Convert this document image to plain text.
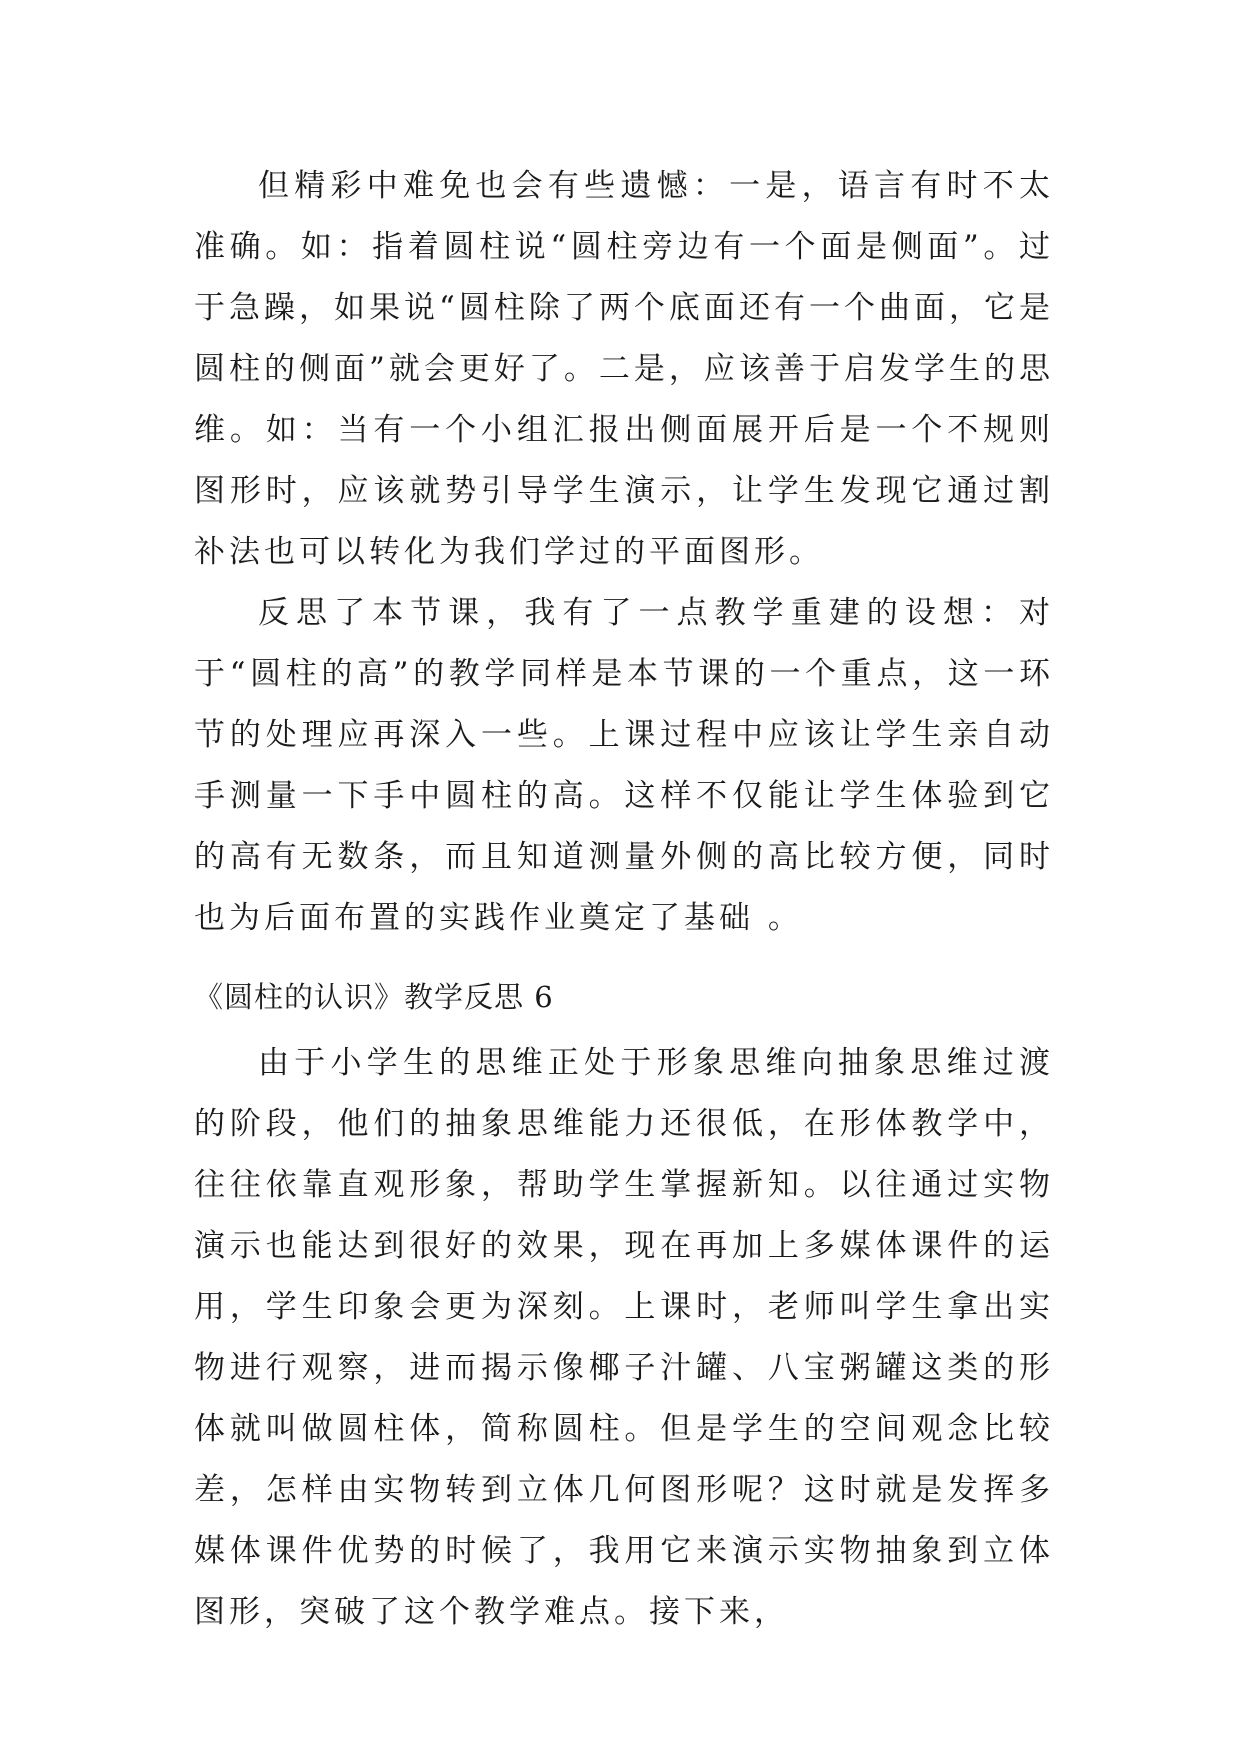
但精彩中难免也会有些遗憾：一是，语言有时不太准确。如：指着圆柱说“圆柱旁边有一个面是侧面”。过于急躁，如果说“圆柱除了两个底面还有一个曲面，它是圆柱的侧面”就会更好了。二是，应该善于启发学生的思维。如：当有一个小组汇报出侧面展开后是一个不规则图形时，应该就势引导学生演示，让学生发现它通过割补法也可以转化为我们学过的平面图形。

反思了本节课，我有了一点教学重建的设想：对于“圆柱的高”的教学同样是本节课的一个重点，这一环节的处理应再深入一些。上课过程中应该让学生亲自动手测量一下手中圆柱的高。这样不仅能让学生体验到它的高有无数条，而且知道测量外侧的高比较方便，同时也为后面布置的实践作业奠定了基础 。

《圆柱的认识》教学反思 6

由于小学生的思维正处于形象思维向抽象思维过渡的阶段，他们的抽象思维能力还很低，在形体教学中，往往依靠直观形象，帮助学生掌握新知。以往通过实物演示也能达到很好的效果，现在再加上多媒体课件的运用，学生印象会更为深刻。上课时，老师叫学生拿出实物进行观察，进而揭示像椰子汁罐、八宝粥罐这类的形体就叫做圆柱体，简称圆柱。但是学生的空间观念比较差，怎样由实物转到立体几何图形呢？这时就是发挥多媒体课件优势的时候了，我用它来演示实物抽象到立体图形，突破了这个教学难点。接下来，
